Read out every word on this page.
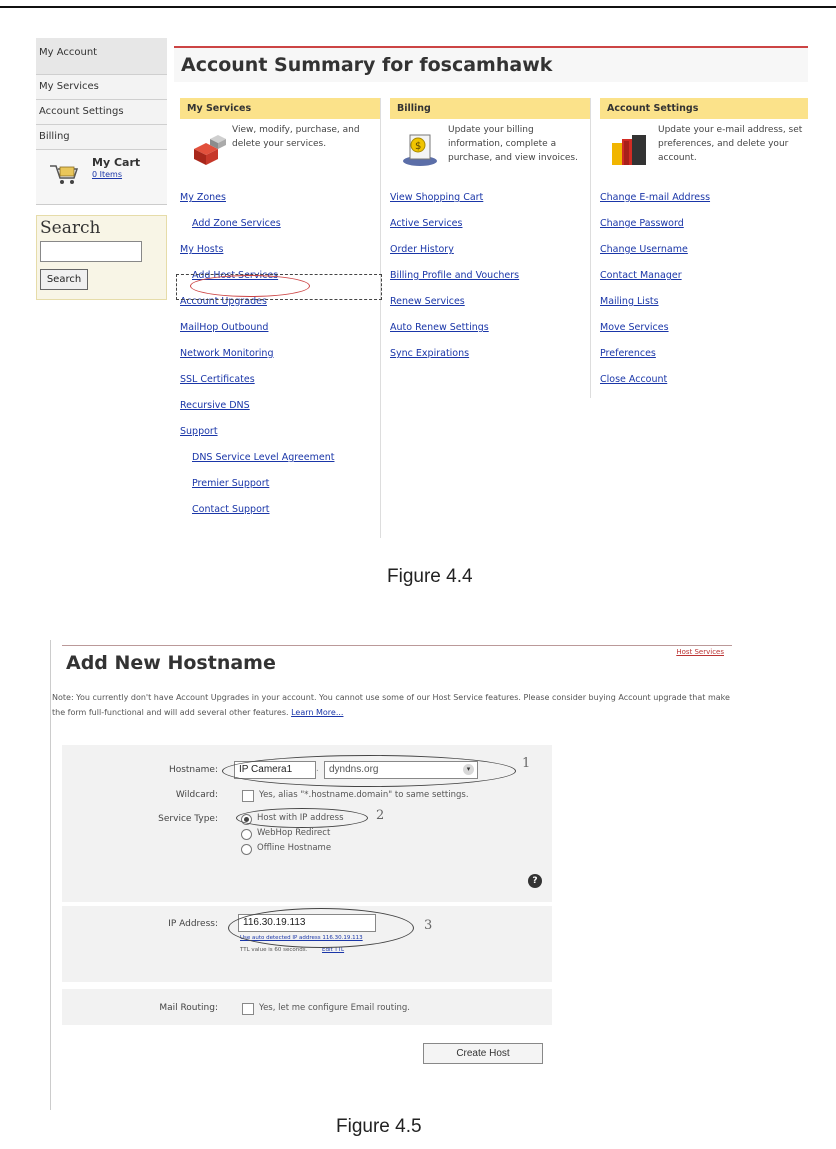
My Account
My Services
Account Settings
Billing
My Cart
0 Items
Search
Search
Account Summary for foscamhawk
My Services

View, modify, purchase, and delete your services.

My Zones
Add Zone Services
My Hosts
Add Host Services
Account Upgrades
MailHop Outbound
Network Monitoring
SSL Certificates
Recursive DNS
Support
DNS Service Level Agreement
Premier Support
Contact Support
Billing
$

Update your billing information, complete a purchase, and view invoices.

View Shopping Cart
Active Services
Order History
Billing Profile and Vouchers
Renew Services
Auto Renew Settings
Sync Expirations
Account Settings

Update your e-mail address, set preferences, and delete your account.

Change E-mail Address
Change Password
Change Username
Contact Manager
Mailing Lists
Move Services
Preferences
Close Account
Figure 4.4
Add New Hostname	Host Services
Note: You currently don't have Account Upgrades in your account. You cannot use some of our Host Service features. Please consider buying Account upgrade that make the form full-functional and will add several other features. Learn More...
Hostname:	IP Camera1	.	dyndns.org	▾	1
Wildcard:	Yes, alias "*.hostname.domain" to same settings.
Service Type:	Host with IP address
WebHop Redirect
Offline Hostname
2
?
IP Address:	116.30.19.113
Use auto detected IP address 116.30.19.113
TTL value is 60 seconds.	Edit TTL
3
Mail Routing:	Yes, let me configure Email routing.
Create Host
Figure 4.5
